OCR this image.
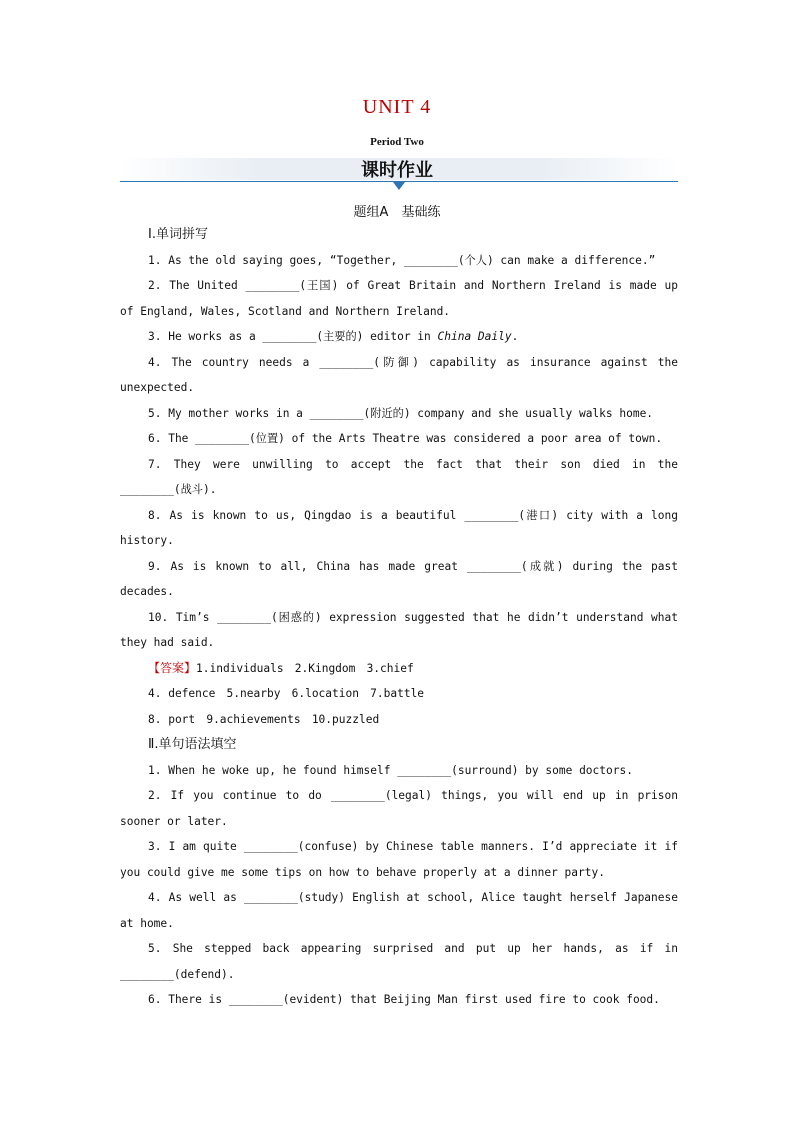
UNIT 4
Period Two
课时作业
题组A　基础练

Ⅰ.单词拼写

1. As the old saying goes, “Together, ________(个人) can make a difference.”

2. The United ________(王国) of Great Britain and Northern Ireland is made up of England, Wales, Scotland and Northern Ireland.

3. He works as a ________(主要的) editor in China Daily.

4. The country needs a ________(防御) capability as insurance against the unexpected.

5. My mother works in a ________(附近的) company and she usually walks home.

6. The ________(位置) of the Arts Theatre was considered a poor area of town.

7. They were unwilling to accept the fact that their son died in the ________(战斗).

8. As is known to us, Qingdao is a beautiful ________(港口) city with a long history.

9. As is known to all, China has made great ________(成就) during the past decades.

10. Tim’s ________(困惑的) expression suggested that he didn’t understand what they had said.

【答案】1.individuals　2.Kingdom　3.chief

4. defence　5.nearby　6.location　7.battle

8. port　9.achievements　10.puzzled

Ⅱ.单句语法填空

1. When he woke up, he found himself ________(surround) by some doctors.

2. If you continue to do ________(legal) things, you will end up in prison sooner or later.

3. I am quite ________(confuse) by Chinese table manners. I’d appreciate it if you could give me some tips on how to behave properly at a dinner party.

4. As well as ________(study) English at school, Alice taught herself Japanese at home.

5. She stepped back appearing surprised and put up her hands, as if in ________(defend).

6. There is ________(evident) that Beijing Man first used fire to cook food.
